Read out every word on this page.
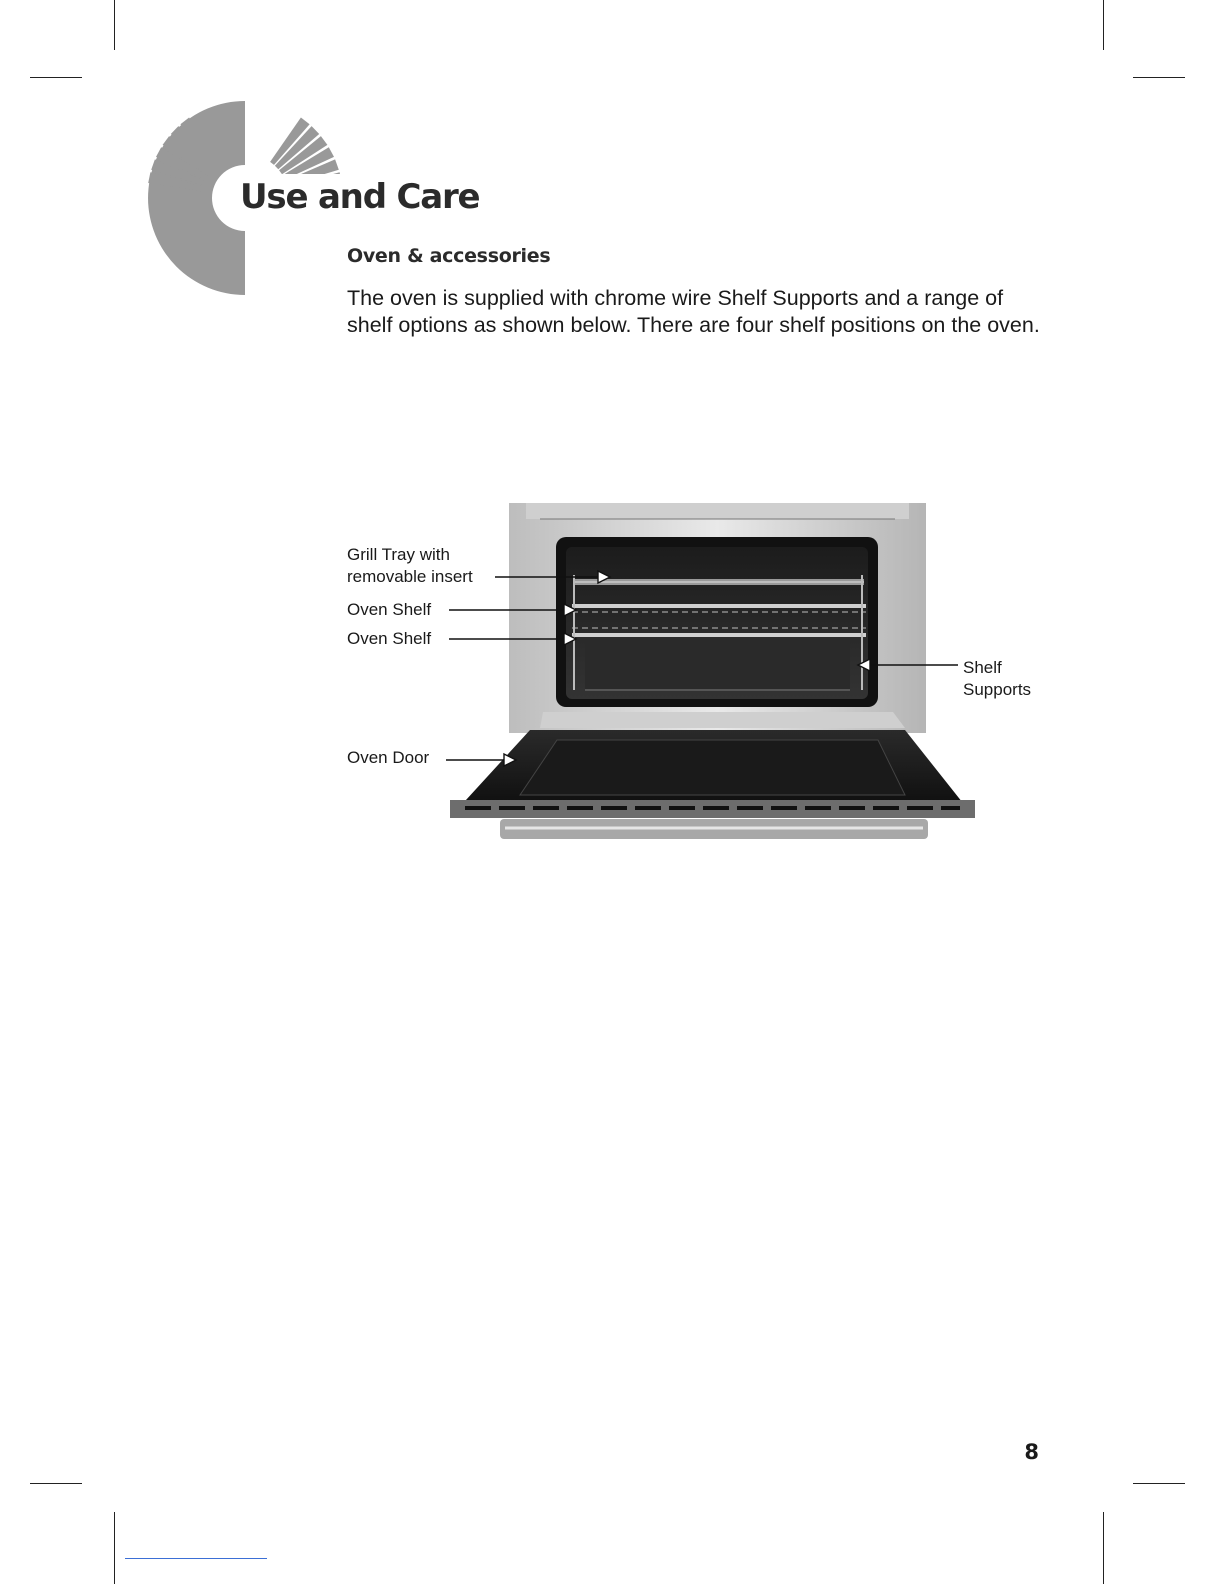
Use and Care
Oven & accessories

The oven is supplied with chrome wire Shelf Supports and a range of shelf options as shown below. There are four shelf positions on the oven.

Grill Tray with
removable insert
Oven Shelf
Oven Shelf
Shelf
Supports
Oven Door
8
